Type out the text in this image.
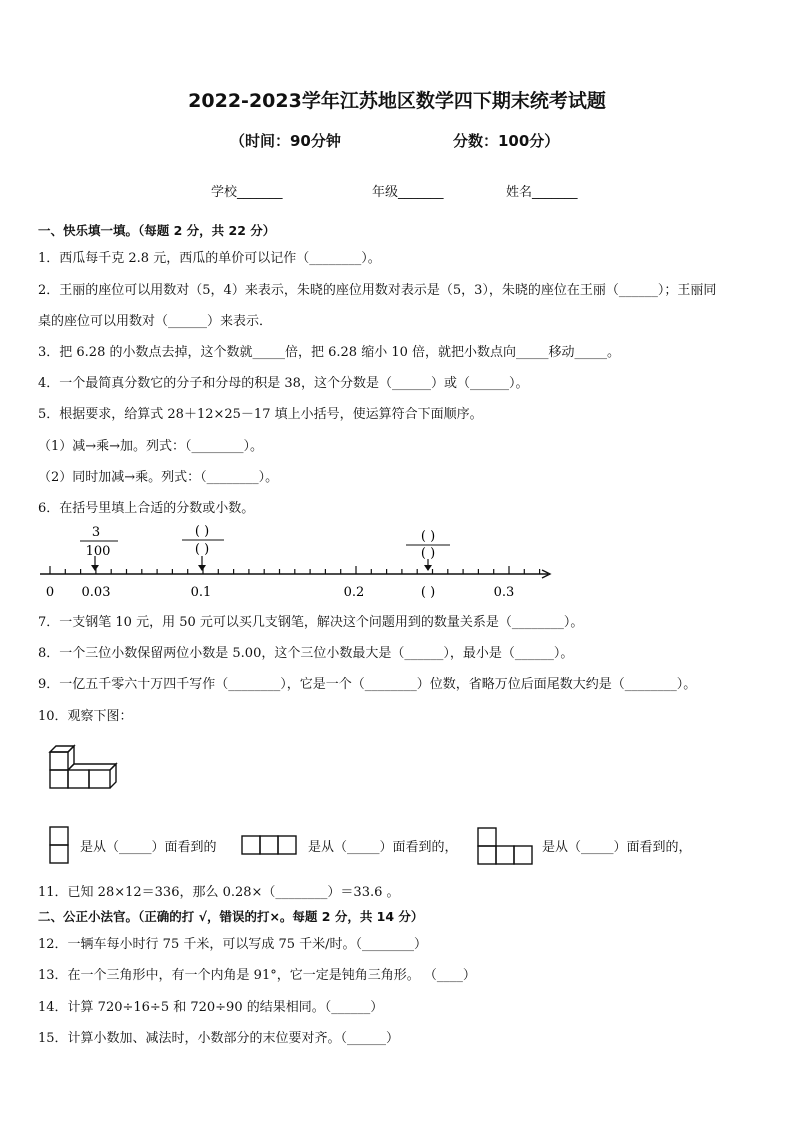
2022-2023学年江苏地区数学四下期末统考试题
（时间：90分钟	分数：100分）
学校_______	年级_______	姓名_______
一、快乐填一填。（每题 2 分，共 22 分）
1．西瓜每千克 2.8 元，西瓜的单价可以记作（________）。
2．王丽的座位可以用数对（5，4）来表示，朱晓的座位用数对表示是（5，3），朱晓的座位在王丽（______）；王丽同
桌的座位可以用数对（______）来表示．
3．把 6.28 的小数点去掉，这个数就_____倍，把 6.28 缩小 10 倍，就把小数点向_____移动_____。
4．一个最简真分数它的分子和分母的积是 38，这个分数是（______）或（______）。
5．根据要求，给算式 28＋12×25－17 填上小括号，使运算符合下面顺序。
（1）减→乘→加。列式：（________）。
（2）同时加减→乘。列式：（________）。
6．在括号里填上合适的分数或小数。
3
100
( )
( )
( )
( )
0 0.03	0.1	0.2	( )	0.3
7．一支钢笔 10 元，用 50 元可以买几支钢笔，解决这个问题用到的数量关系是（________）。
8．一个三位小数保留两位小数是 5.00，这个三位小数最大是（______），最小是（______）。
9．一亿五千零六十万四千写作（________），它是一个（________）位数，省略万位后面尾数大约是（________）。
10．观察下图：
是从（_____）面看到的	是从（_____）面看到的，	是从（_____）面看到的，
11．已知 28×12＝336，那么 0.28×（________）＝33.6 。
二、公正小法官。（正确的打 √，错误的打×。每题 2 分，共 14 分）
12．一辆车每小时行 75 千米，可以写成 75 千米/时。（________）
13．在一个三角形中，有一个内角是 91°，它一定是钝角三角形。 （____）
14．计算 720÷16÷5 和 720÷90 的结果相同。（______）
15．计算小数加、减法时，小数部分的末位要对齐。（______）
